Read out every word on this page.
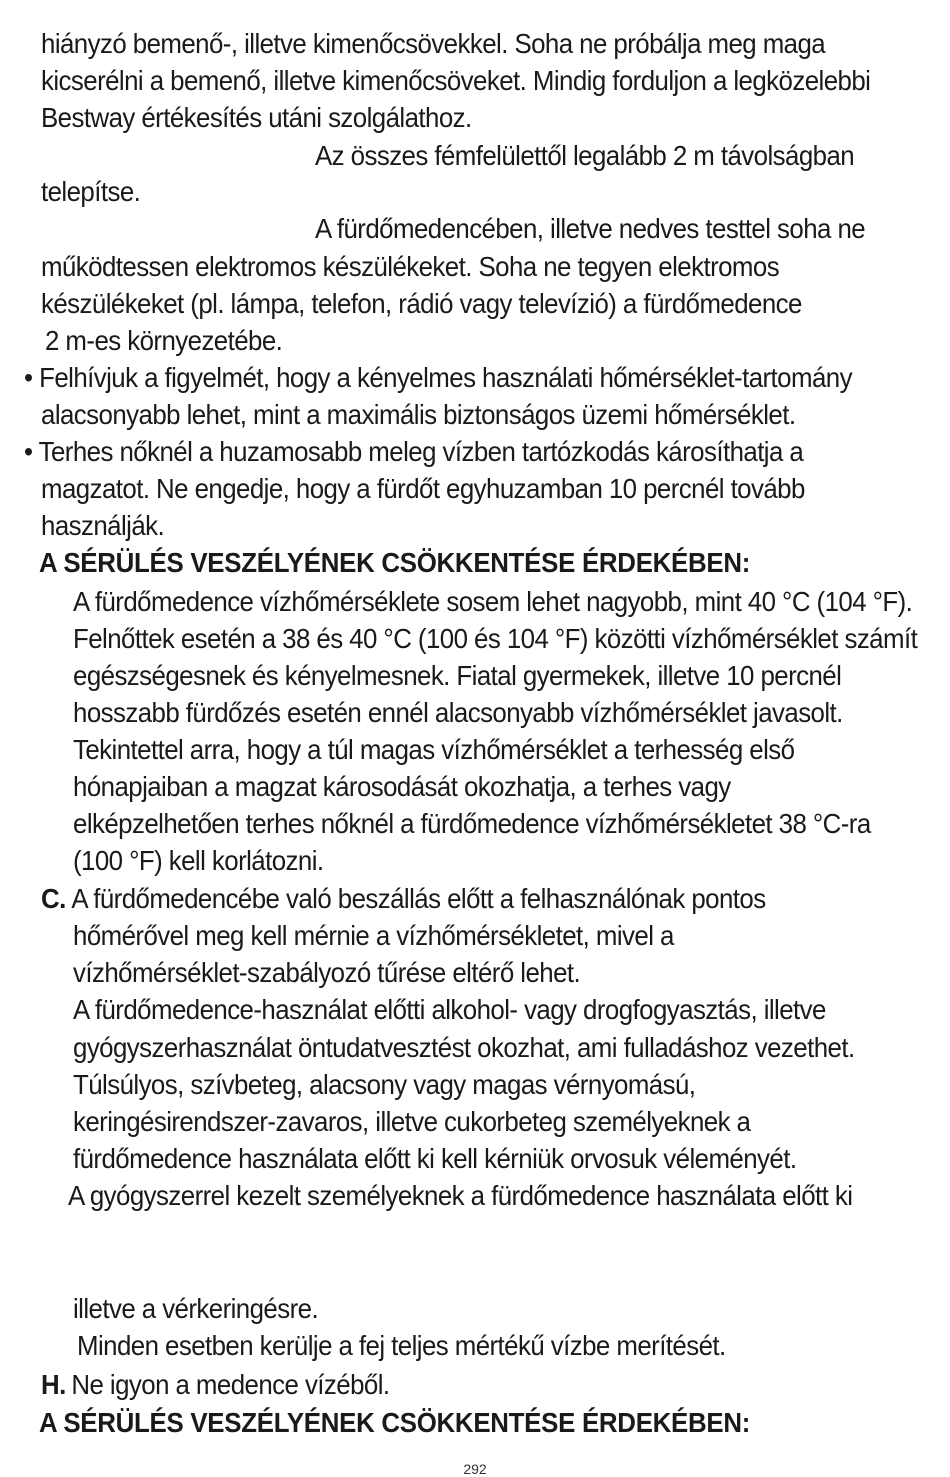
hiányzó bemenő-, illetve kimenőcsövekkel. Soha ne próbálja meg maga
kicserélni a bemenő, illetve kimenőcsöveket. Mindig forduljon a legközelebbi
Bestway értékesítés utáni szolgálathoz.
Az összes fémfelülettől legalább 2 m távolságban
telepítse.
A fürdőmedencében, illetve nedves testtel soha ne
működtessen elektromos készülékeket. Soha ne tegyen elektromos
készülékeket (pl. lámpa, telefon, rádió vagy televízió) a fürdőmedence
2 m-es környezetébe.
• Felhívjuk a figyelmét, hogy a kényelmes használati hőmérséklet-tartomány
alacsonyabb lehet, mint a maximális biztonságos üzemi hőmérséklet.
• Terhes nőknél a huzamosabb meleg vízben tartózkodás károsíthatja a
magzatot. Ne engedje, hogy a fürdőt egyhuzamban 10 percnél tovább
használják.
A SÉRÜLÉS VESZÉLYÉNEK CSÖKKENTÉSE ÉRDEKÉBEN:
A fürdőmedence vízhőmérséklete sosem lehet nagyobb, mint 40 °C (104 °F).
Felnőttek esetén a 38 és 40 °C (100 és 104 °F) közötti vízhőmérséklet számít
egészségesnek és kényelmesnek. Fiatal gyermekek, illetve 10 percnél
hosszabb fürdőzés esetén ennél alacsonyabb vízhőmérséklet javasolt.
Tekintettel arra, hogy a túl magas vízhőmérséklet a terhesség első
hónapjaiban a magzat károsodását okozhatja, a terhes vagy
elképzelhetően terhes nőknél a fürdőmedence vízhőmérsékletet 38 °C-ra
(100 °F) kell korlátozni.
C. A fürdőmedencébe való beszállás előtt a felhasználónak pontos
hőmérővel meg kell mérnie a vízhőmérsékletet, mivel a
vízhőmérséklet-szabályozó tűrése eltérő lehet.
A fürdőmedence-használat előtti alkohol- vagy drogfogyasztás, illetve
gyógyszerhasználat öntudatvesztést okozhat, ami fulladáshoz vezethet.
Túlsúlyos, szívbeteg, alacsony vagy magas vérnyomású,
keringésirendszer-zavaros, illetve cukorbeteg személyeknek a
fürdőmedence használata előtt ki kell kérniük orvosuk véleményét.
A gyógyszerrel kezelt személyeknek a fürdőmedence használata előtt ki
illetve a vérkeringésre.
Minden esetben kerülje a fej teljes mértékű vízbe merítését.
H. Ne igyon a medence vízéből.
A SÉRÜLÉS VESZÉLYÉNEK CSÖKKENTÉSE ÉRDEKÉBEN:
292
